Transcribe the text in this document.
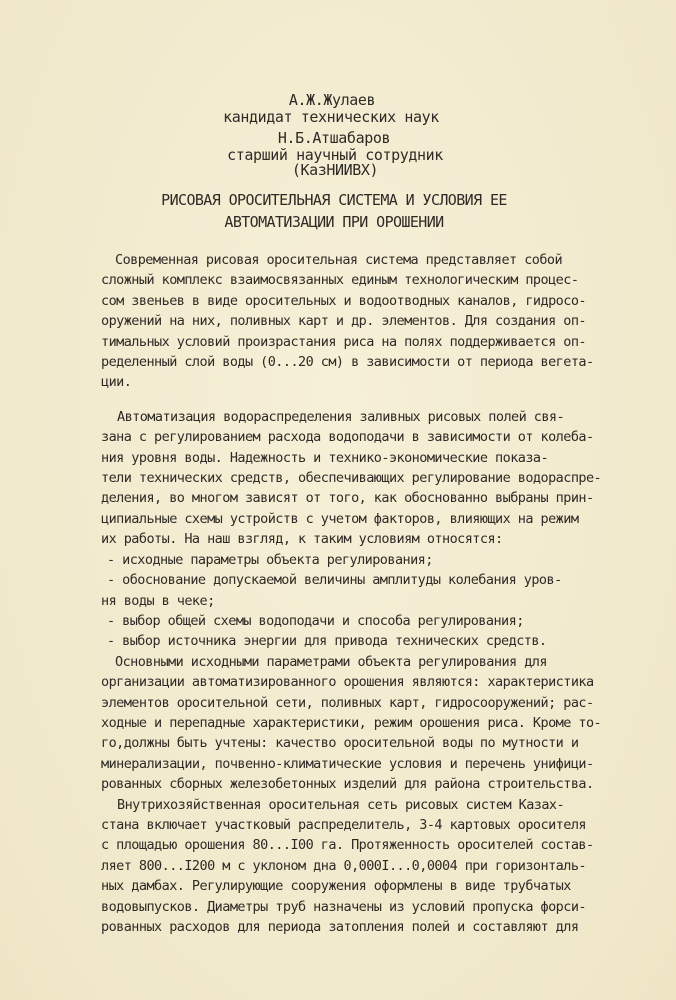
А.Ж.Жулаев
кандидат технических наук
Н.Б.Атшабаров
старший научный сотрудник
(КазНИИВХ)
РИСОВАЯ ОРОСИТЕЛЬНАЯ СИСТЕМА И УСЛОВИЯ ЕЕ
АВТОМАТИЗАЦИИ ПРИ ОРОШЕНИИ
Современная рисовая оросительная система представляет собой
сложный комплекс взаимосвязанных единым технологическим процес-
сом звеньев в виде оросительных и водоотводных каналов, гидросо-
оружений на них, поливных карт и др. элементов. Для создания оп-
тимальных условий произрастания риса на полях поддерживается оп-
ределенный слой воды (0...20 см) в зависимости от периода вегета-
ции.
Автоматизация водораспределения заливных рисовых полей свя-
зана с регулированием расхода водоподачи в зависимости от колеба-
ния уровня воды. Надежность и технико-экономические показа-
тели технических средств, обеспечивающих регулирование водораспре-
деления, во многом зависят от того, как обоснованно выбраны прин-
ципиальные схемы устройств с учетом факторов, влияющих на режим
их работы. На наш взгляд, к таким условиям относятся:
- исходные параметры объекта регулирования;
- обоснование допускаемой величины амплитуды колебания уров-
ня воды в чеке;
- выбор общей схемы водоподачи и способа регулирования;
- выбор источника энергии для привода технических средств.
Основными исходными параметрами объекта регулирования для
организации автоматизированного орошения являются: характеристика
элементов оросительной сети, поливных карт, гидросооружений; рас-
ходные и перепадные характеристики, режим орошения риса. Кроме то-
го,должны быть учтены: качество оросительной воды по мутности и
минерализации, почвенно-климатические условия и перечень унифици-
рованных сборных железобетонных изделий для района строительства.
Внутрихозяйственная оросительная сеть рисовых систем Казах-
стана включает участковый распределитель, 3-4 картовых оросителя
с площадью орошения 80...I00 га. Протяженность оросителей состав-
ляет 800...I200 м с уклоном дна 0,000I...0,0004 при горизонталь-
ных дамбах. Регулирующие сооружения оформлены в виде трубчатых
водовыпусков. Диаметры труб назначены из условий пропуска форси-
рованных расходов для периода затопления полей и составляют для
